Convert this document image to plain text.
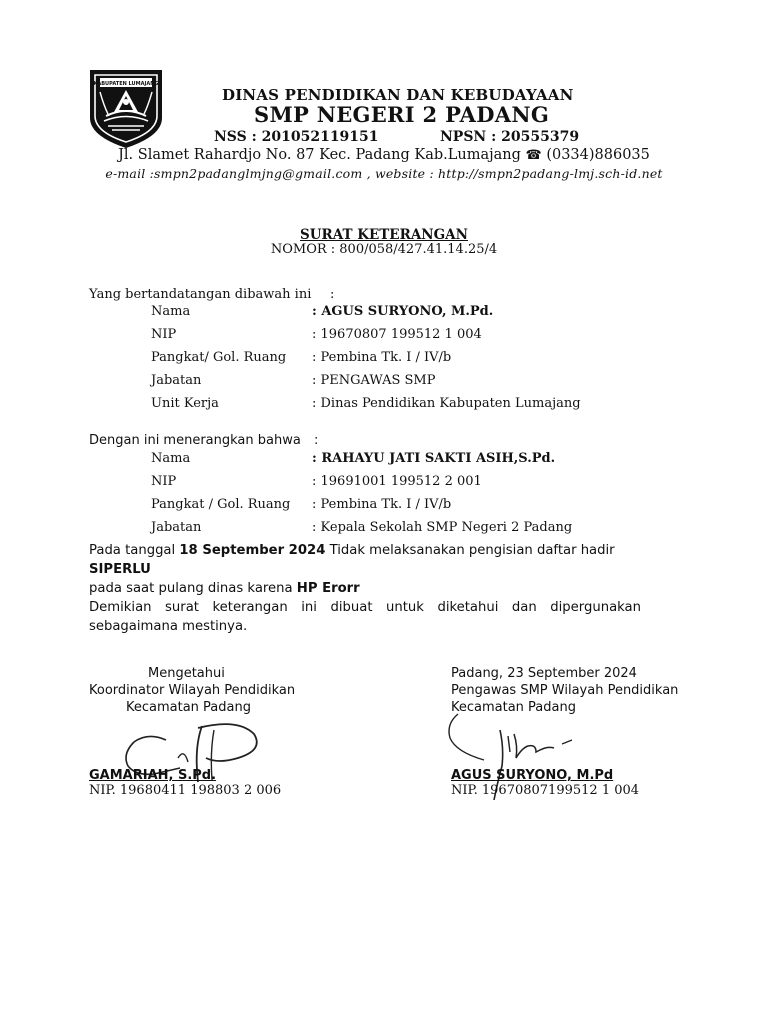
KABUPATEN LUMAJANG
DINAS PENDIDIKAN DAN KEBUDAYAAN
SMP NEGERI 2 PADANG
NSS : 201052119151	NPSN : 20555379
Jl. Slamet Rahardjo No. 87 Kec. Padang Kab.Lumajang ☎ (0334)886035
e-mail :smpn2padanglmjng@gmail.com , website : http://smpn2padang-lmj.sch-id.net
SURAT KETERANGAN
NOMOR : 800/058/427.41.14.25/4
Yang bertandatangan dibawah ini :
Nama	: AGUS SURYONO, M.Pd.
NIP	: 19670807 199512 1 004
Pangkat/ Gol. Ruang : Pembina Tk. I / IV/b
Jabatan	: PENGAWAS SMP
Unit Kerja	: Dinas Pendidikan Kabupaten Lumajang
Dengan ini menerangkan bahwa :
Nama	: RAHAYU JATI SAKTI ASIH,S.Pd.
NIP	: 19691001 199512 2 001
Pangkat / Gol. Ruang : Pembina Tk. I / IV/b
Jabatan	: Kepala Sekolah SMP Negeri 2 Padang
Pada tanggal 18 September 2024 Tidak melaksanakan pengisian daftar hadir SIPERLU
pada saat pulang dinas karena HP Erorr
Demikian surat keterangan ini dibuat untuk diketahui dan dipergunakan sebagaimana mestinya.
Mengetahui
Koordinator Wilayah Pendidikan
Kecamatan Padang
GAMARIAH, S.Pd.
NIP. 19680411 198803 2 006
Padang, 23 September 2024
Pengawas SMP Wilayah Pendidikan
Kecamatan Padang
AGUS SURYONO, M.Pd
NIP. 19670807199512 1 004
